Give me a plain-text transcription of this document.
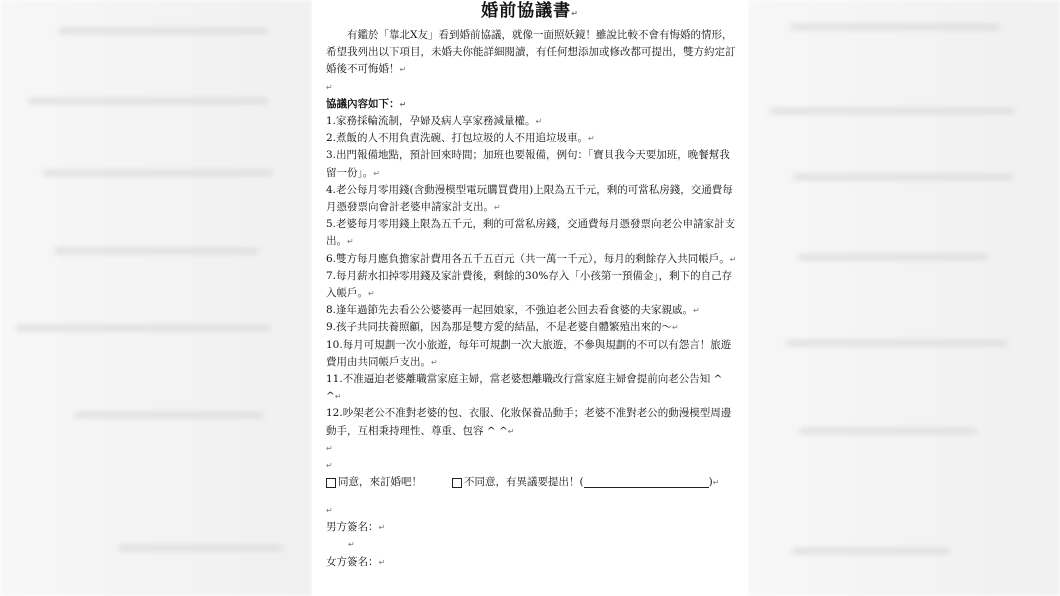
婚前協議書↵

有鑑於「靠北X友」看到婚前協議，就像一面照妖鏡！雖說比較不會有悔婚的情形，希望我列出以下項目，未婚夫你能詳細閱讀，有任何想添加或修改都可提出，雙方約定訂婚後不可悔婚！↵

↵

協議內容如下：↵

1.家務採輪流制，孕婦及病人享家務減量權。↵

2.煮飯的人不用負責洗碗、打包垃圾的人不用追垃圾車。↵

3.出門報備地點，預計回來時間；加班也要報備，例句：「寶貝我今天要加班，晚餐幫我留一份」。↵

4.老公每月零用錢(含動漫模型電玩購買費用)上限為五千元，剩的可當私房錢，交通費每月憑發票向會計老婆申請家計支出。↵

5.老婆每月零用錢上限為五千元，剩的可當私房錢，交通費每月憑發票向老公申請家計支出。↵

6.雙方每月應負擔家計費用各五千五百元（共一萬一千元），每月的剩餘存入共同帳戶。↵

7.每月薪水扣掉零用錢及家計費後，剩餘的30%存入「小孩第一預備金」，剩下的自己存入帳戶。↵

8.逢年過節先去看公公婆婆再一起回娘家，不強迫老公回去看食婆的夫家親戚。↵

9.孩子共同扶養照顧，因為那是雙方愛的結晶，不是老婆自體繁殖出來的～↵

10.每月可規劃一次小旅遊，每年可規劃一次大旅遊，不參與規劃的不可以有怨言！旅遊費用由共同帳戶支出。↵

11.不准逼迫老婆離職當家庭主婦，當老婆想離職改行當家庭主婦會提前向老公告知 ^ ^↵

12.吵架老公不准對老婆的包、衣服、化妝保養品動手；老婆不准對老公的動漫模型周邊動手，互相秉持理性、尊重、包容 ^ ^↵

↵

↵

同意，來訂婚吧！	不同意，有異議要提出！(	) ↵

↵

男方簽名：↵

↵

女方簽名：↵
